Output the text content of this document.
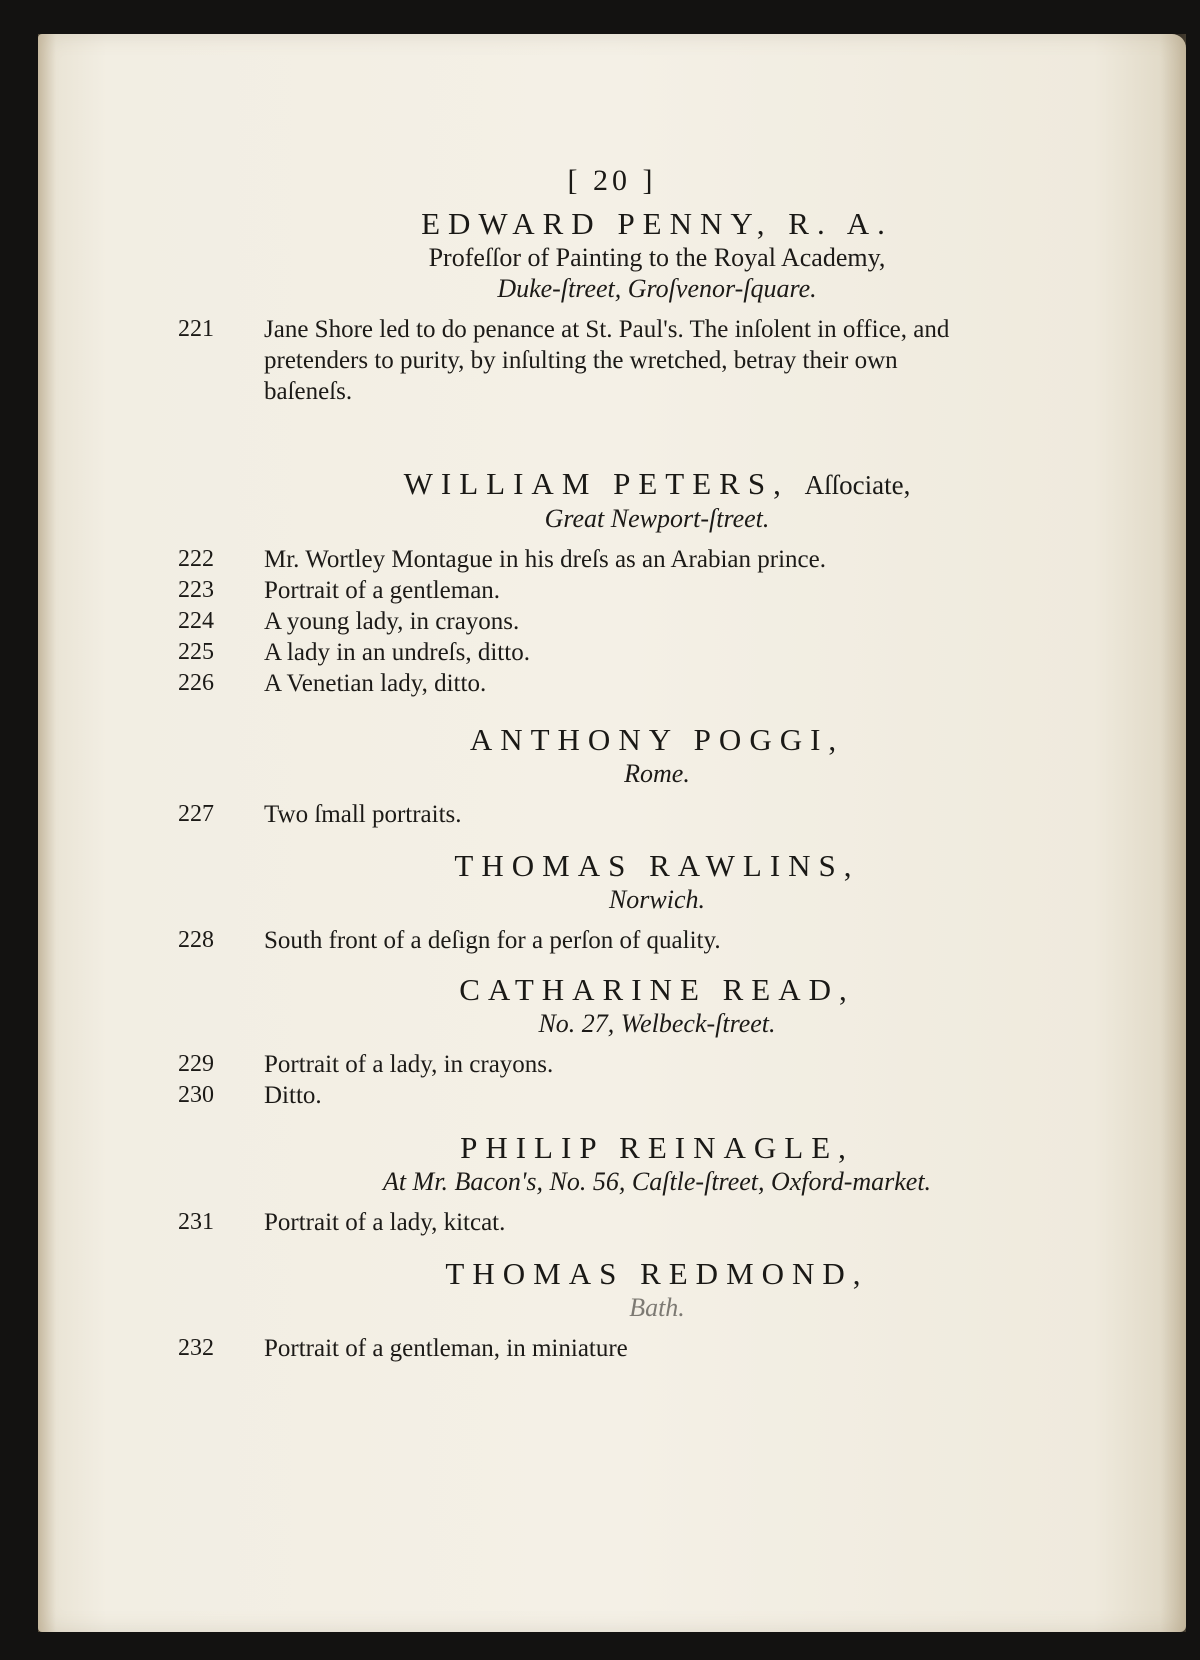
[ 20 ]
EDWARD PENNY, R. A.
Profeſſor of Painting to the Royal Academy,
Duke-ſtreet, Groſvenor-ſquare.
221	Jane Shore led to do penance at St. Paul's. The inſolent in office, and pretenders to purity, by inſulting the wretched, betray their own baſeneſs.
WILLIAM PETERS, Aſſociate,
Great Newport-ſtreet.
222	Mr. Wortley Montague in his dreſs as an Arabian prince.
223	Portrait of a gentleman.
224	A young lady, in crayons.
225	A lady in an undreſs, ditto.
226	A Venetian lady, ditto.
ANTHONY POGGI,
Rome.
227	Two ſmall portraits.
THOMAS RAWLINS,
Norwich.
228	South front of a deſign for a perſon of quality.
CATHARINE READ,
No. 27, Welbeck-ſtreet.
229	Portrait of a lady, in crayons.
230	Ditto.
PHILIP REINAGLE,
At Mr. Bacon's, No. 56, Caſtle-ſtreet, Oxford-market.
231	Portrait of a lady, kitcat.
THOMAS REDMOND,
Bath.
232	Portrait of a gentleman, in miniature
